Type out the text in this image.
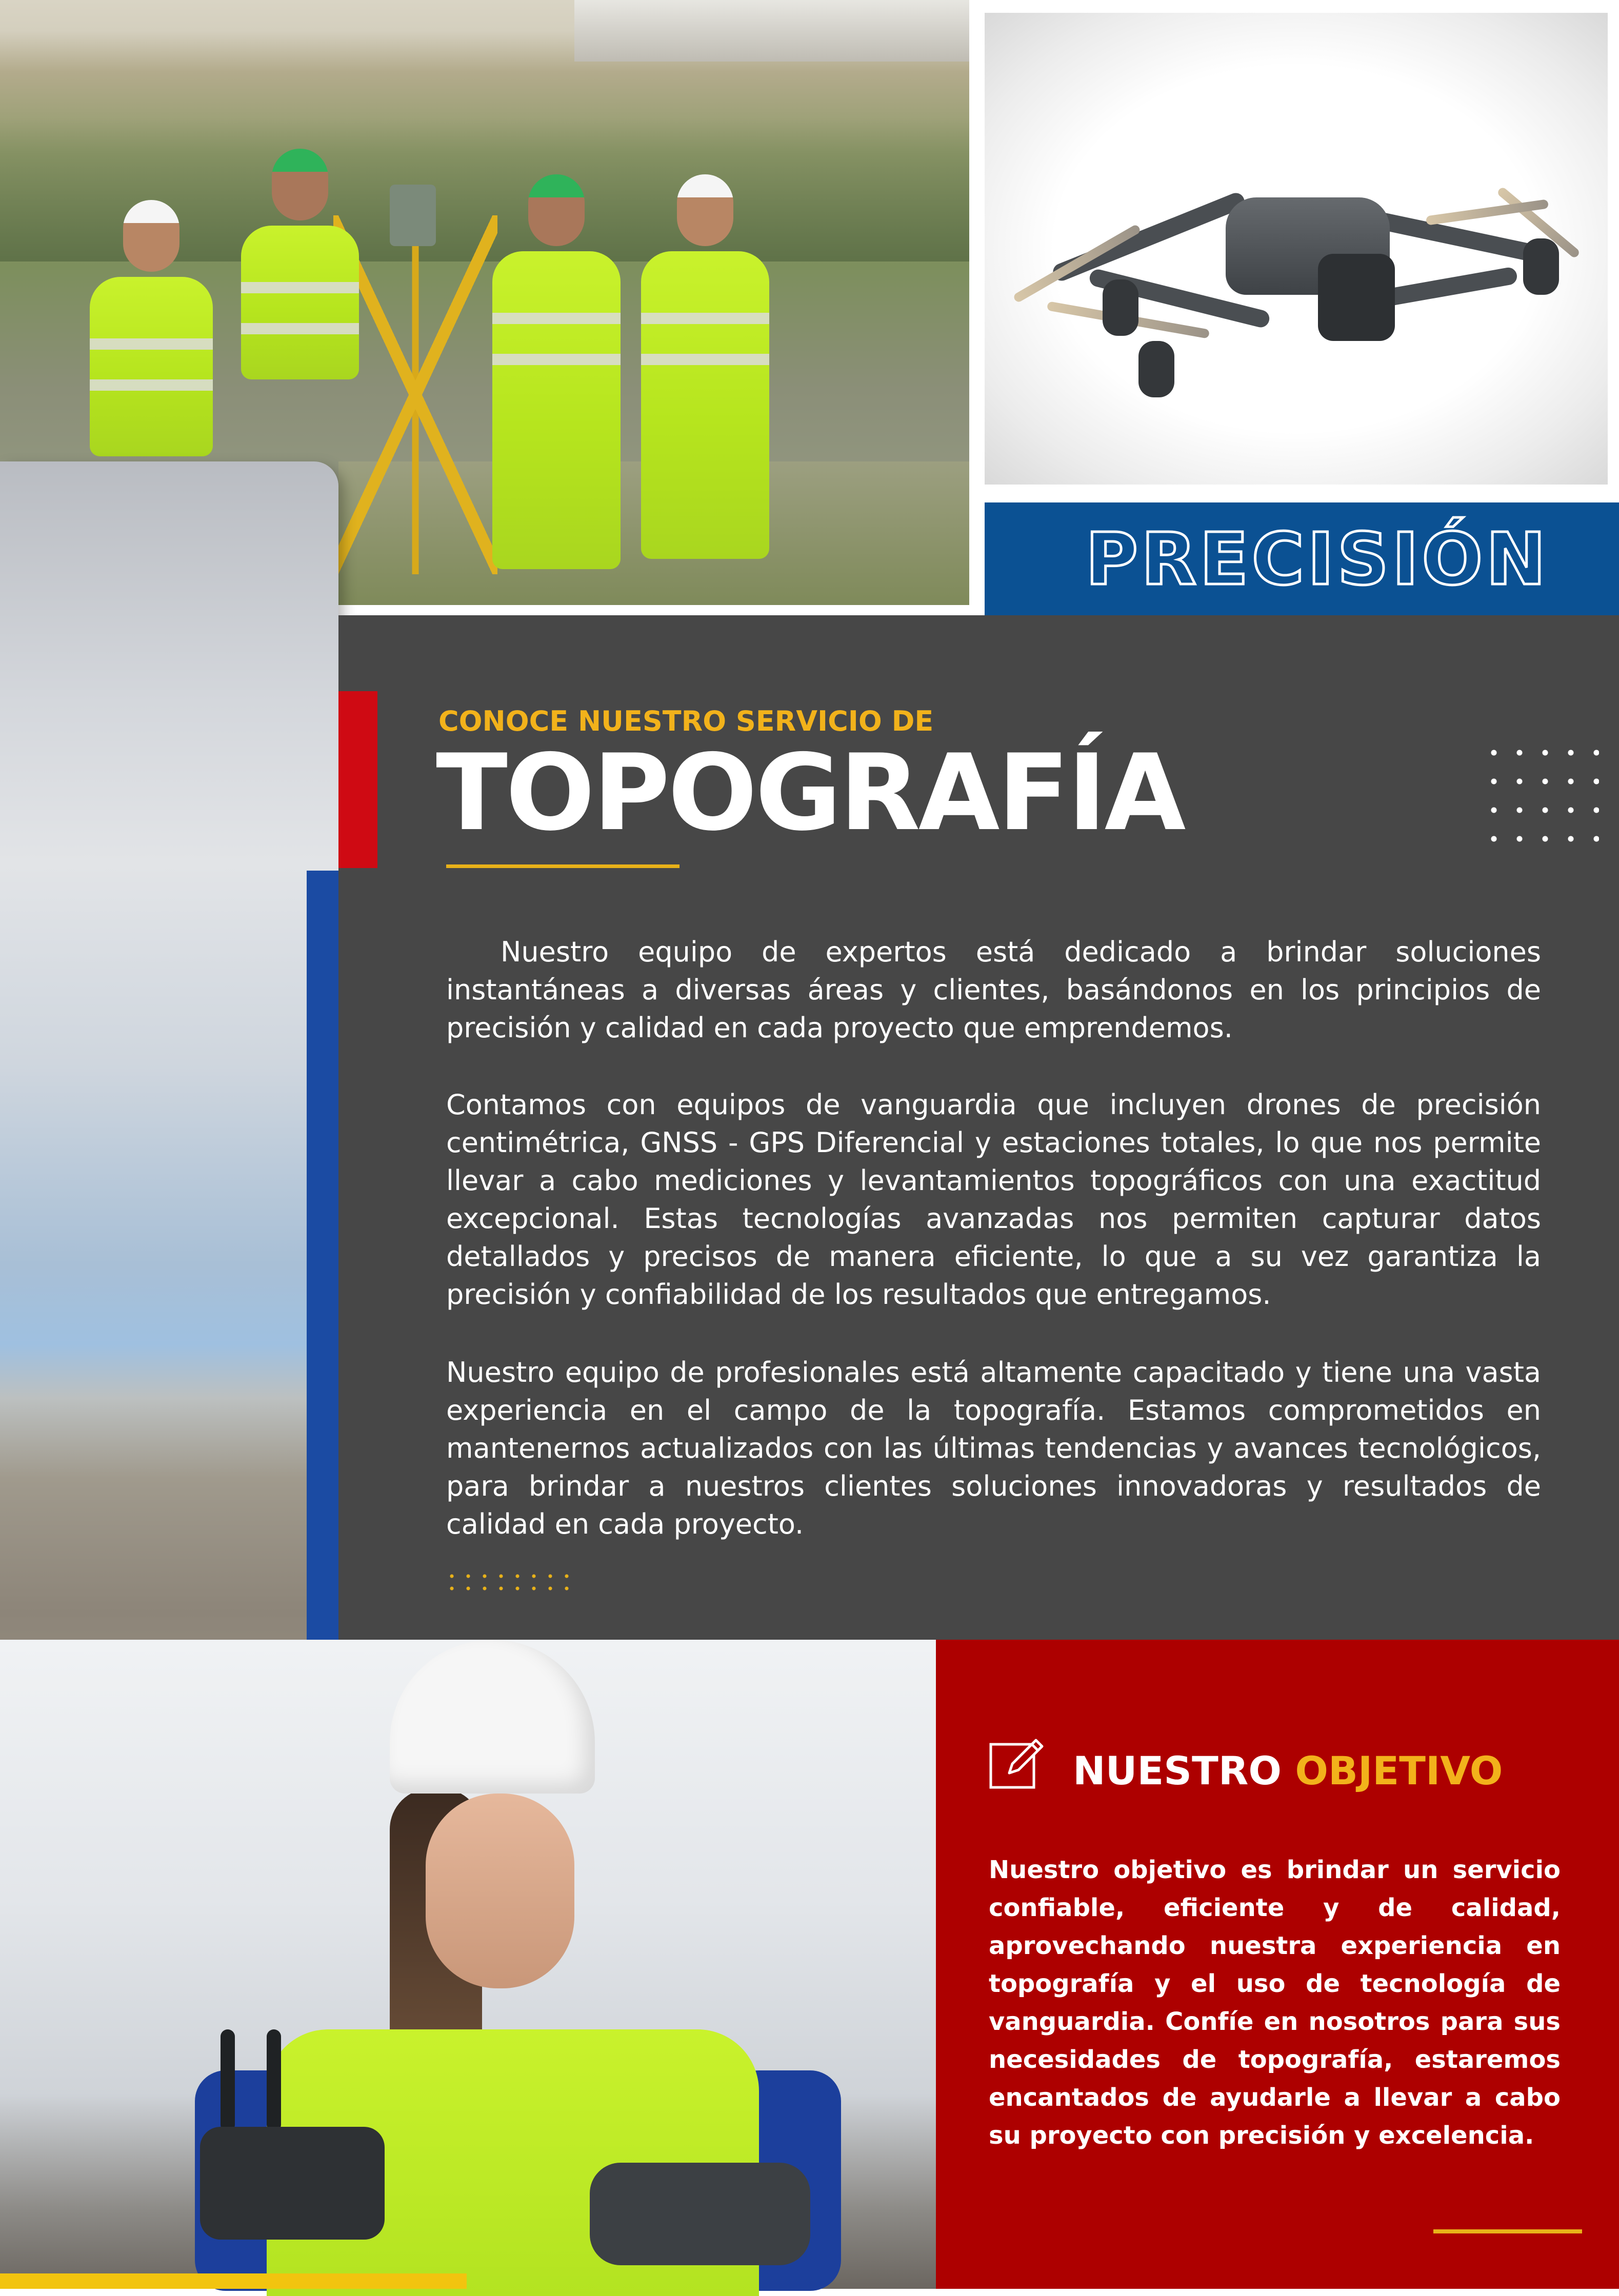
PRECISIÓN
CONOCE NUESTRO SERVICIO DE
TOPOGRAFÍA

Nuestro equipo de expertos está dedicado a brindar soluciones instantáneas a diversas áreas y clientes, basándonos en los principios de precisión y calidad en cada proyecto que emprendemos.

Contamos con equipos de vanguardia que incluyen drones de precisión centimétrica, GNSS - GPS Diferencial y estaciones totales, lo que nos permite llevar a cabo mediciones y levantamientos topográficos con una exactitud excepcional. Estas tecnologías avanzadas nos permiten capturar datos detallados y precisos de manera eficiente, lo que a su vez garantiza la precisión y confiabilidad de los resultados que entregamos.

Nuestro equipo de profesionales está altamente capacitado y tiene una vasta experiencia en el campo de la topografía. Estamos comprometidos en mantenernos actualizados con las últimas tendencias y avances tecnológicos, para brindar a nuestros clientes soluciones innovadoras y resultados de calidad en cada proyecto.

NUESTRO OBJETIVO

Nuestro objetivo es brindar un servicio confiable, eficiente y de calidad, aprovechando nuestra experiencia en topografía y el uso de tecnología de vanguardia. Confíe en nosotros para sus necesidades de topografía, estaremos encantados de ayudarle a llevar a cabo su proyecto con precisión y excelencia.
